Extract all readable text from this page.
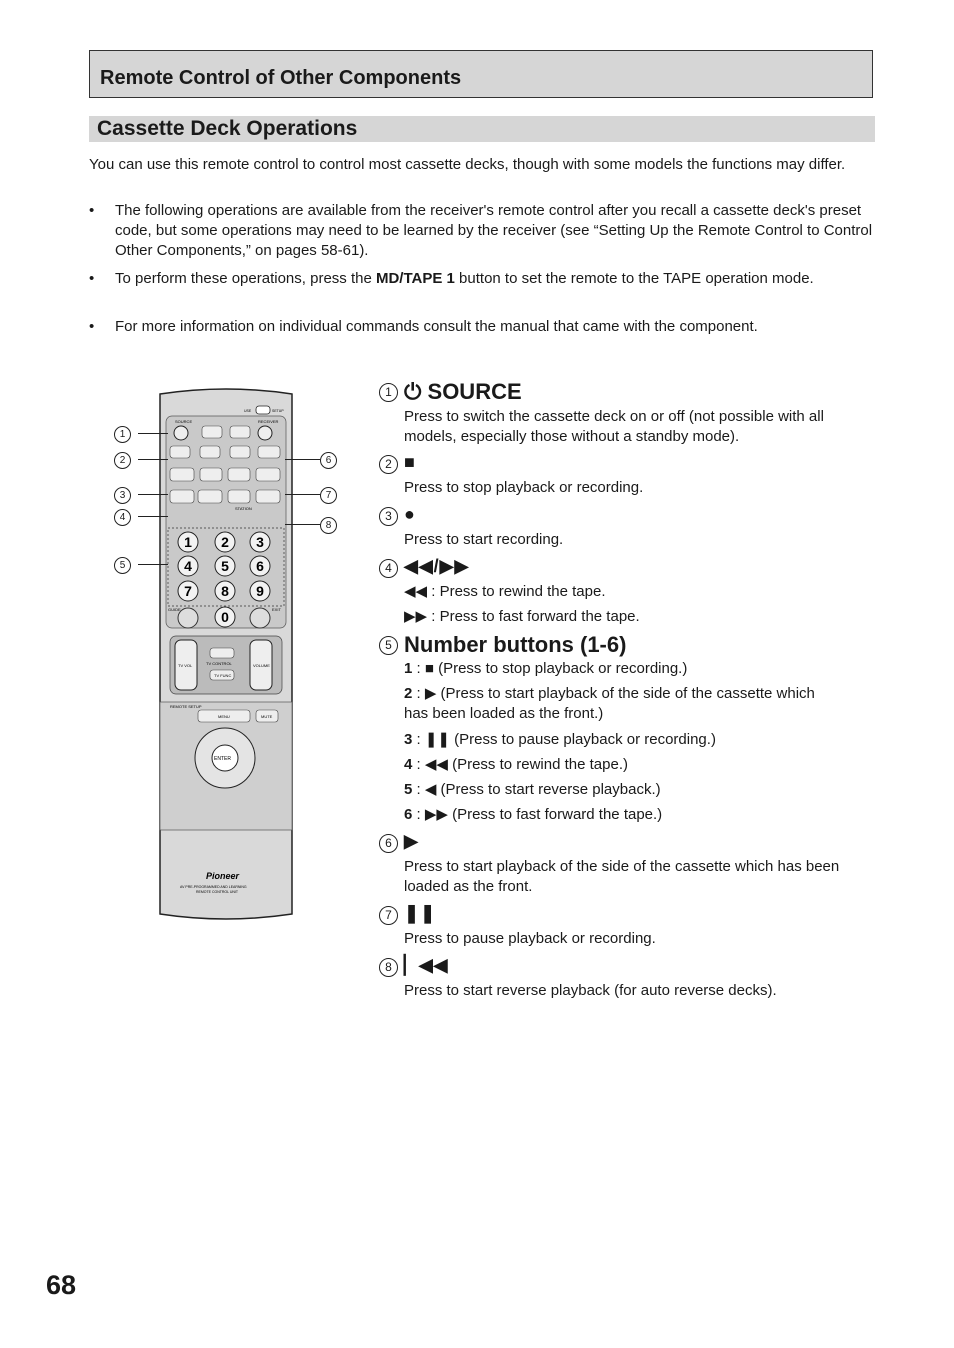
Remote Control of Other Components
Cassette Deck Operations
You can use this remote control to control most cassette decks, though with some models the functions may differ.
• The following operations are available from the receiver's remote control after you recall a cassette deck's preset code, but some operations may need to be learned by the receiver (see “Setting Up the Remote Control to Control Other Components,” on pages 58-61).
• To perform these operations, press the MD/TAPE 1 button to set the remote to the TAPE operation mode.
• For more information on individual commands consult the manual that came with the component.
SOURCE	RECEIVER
USE	SETUP
STATION
1 2 3
4 5 6
7 8 9
0
GUIDE	EXIT
TV VOL	VOLUME
TV CONTROL
TV FUNC
REMOTE SETUP
MENU	MUTE
ENTER
Pioneer
AV PRE-PROGRAMMED AND LEARNING
REMOTE CONTROL UNIT
1
2
3
4
5
6
7
8
1 ⏻ SOURCE
Press to switch the cassette deck on or off (not possible with all models, especially those without a standby mode).
2 ■
Press to stop playback or recording.
3 ●
Press to start recording.
4 ◀◀/▶▶
◀◀ : Press to rewind the tape.
▶▶ : Press to fast forward the tape.
5 Number buttons (1-6)
1 : ■ (Press to stop playback or recording.)
2 : ▶ (Press to start playback of the side of the cassette which
has been loaded as the front.)
3 : ❚❚ (Press to pause playback or recording.)
4 : ◀◀ (Press to rewind the tape.)
5 : ◀ (Press to start reverse playback.)
6 : ▶▶ (Press to fast forward the tape.)
6 ▶
Press to start playback of the side of the cassette which has been loaded as the front.
7 ❚❚
Press to pause playback or recording.
8 ▏◀◀
Press to start reverse playback (for auto reverse decks).
68
